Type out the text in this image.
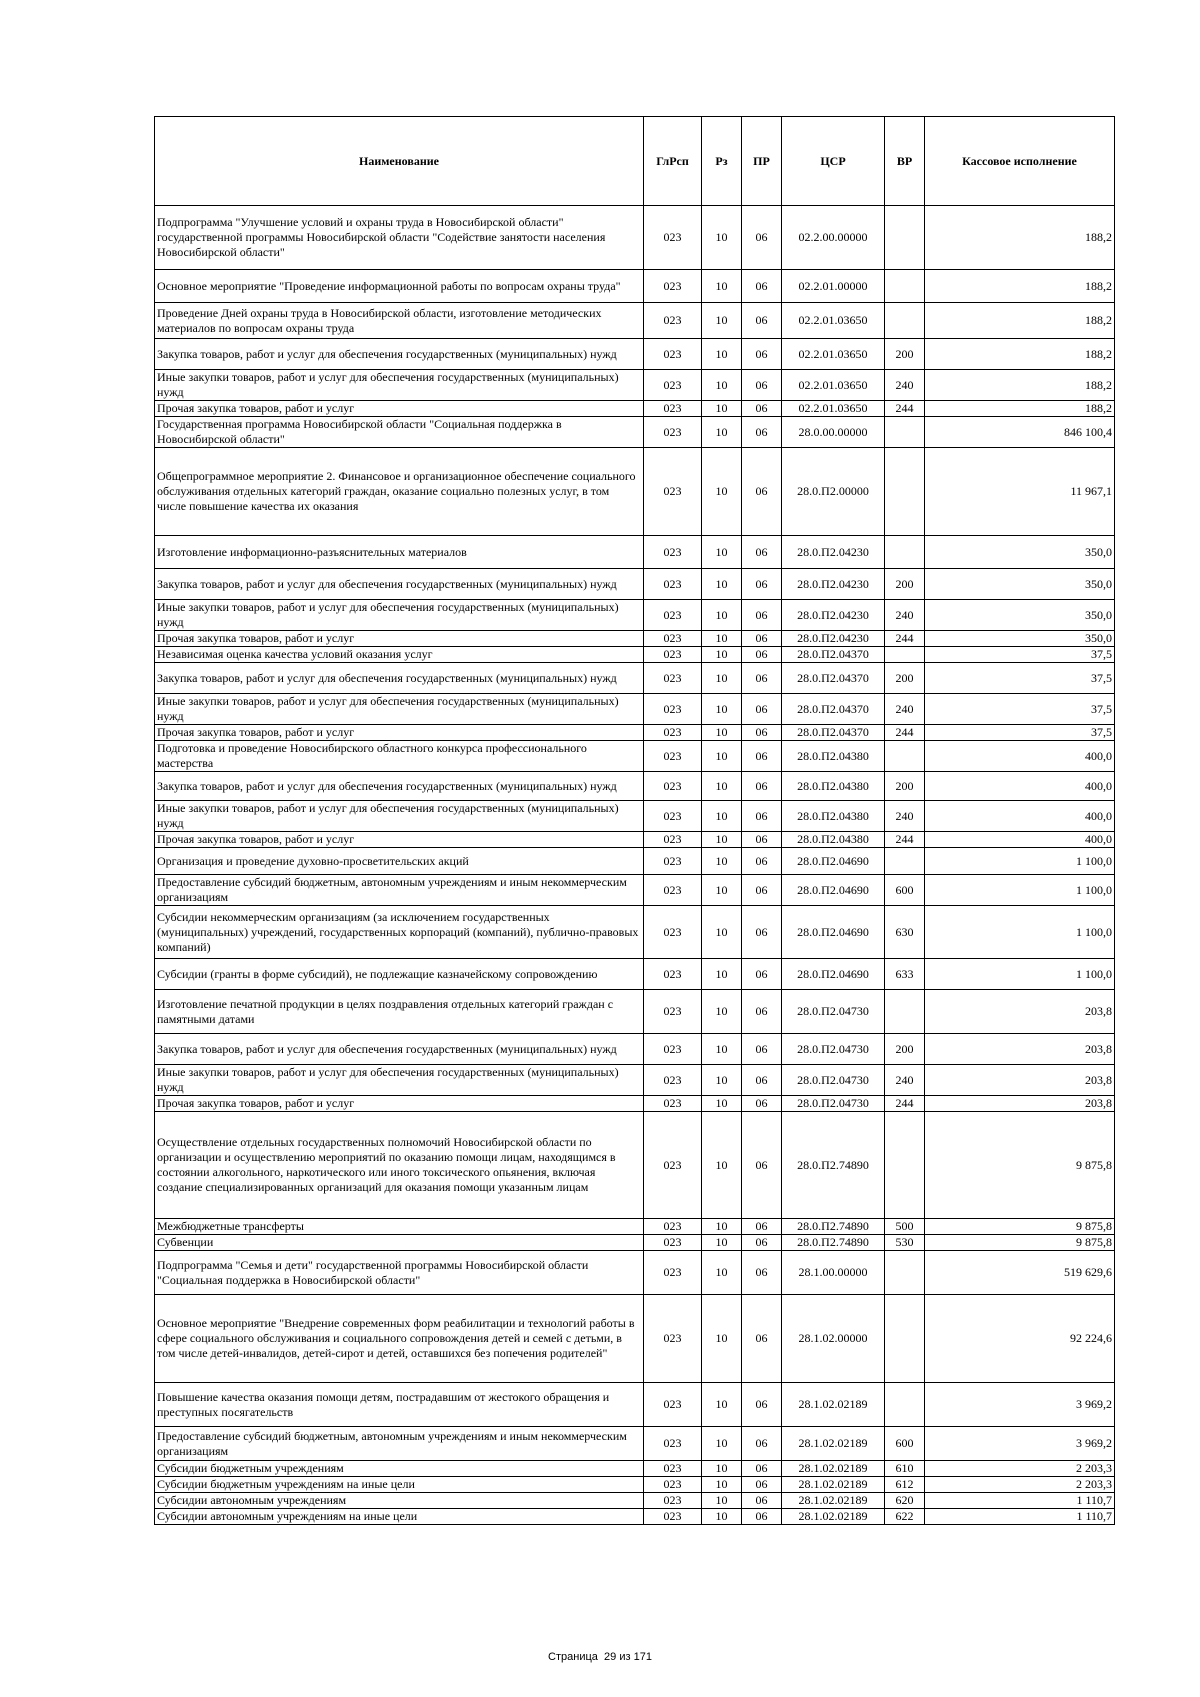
Наименование	ГлРсп	Рз	ПР	ЦСР	ВР	Кассовое исполнение
Подпрограмма "Улучшение условий и охраны труда в Новосибирской области" государственной программы Новосибирской области "Содействие занятости населения Новосибирской области"	023	10	06	02.2.00.00000		188,2
Основное мероприятие "Проведение информационной работы по вопросам охраны труда"	023	10	06	02.2.01.00000		188,2
Проведение Дней охраны труда в Новосибирской области, изготовление методических материалов по вопросам охраны труда	023	10	06	02.2.01.03650		188,2
Закупка товаров, работ и услуг для обеспечения государственных (муниципальных) нужд	023	10	06	02.2.01.03650	200	188,2
Иные закупки товаров, работ и услуг для обеспечения государственных (муниципальных) нужд	023	10	06	02.2.01.03650	240	188,2
Прочая закупка товаров, работ и услуг	023	10	06	02.2.01.03650	244	188,2
Государственная программа Новосибирской области "Социальная поддержка в Новосибирской области"	023	10	06	28.0.00.00000		846 100,4
Общепрограммное мероприятие 2. Финансовое и организационное обеспечение социального обслуживания отдельных категорий граждан, оказание социально полезных услуг, в том числе повышение качества их оказания	023	10	06	28.0.П2.00000		11 967,1
Изготовление информационно-разъяснительных материалов	023	10	06	28.0.П2.04230		350,0
Закупка товаров, работ и услуг для обеспечения государственных (муниципальных) нужд	023	10	06	28.0.П2.04230	200	350,0
Иные закупки товаров, работ и услуг для обеспечения государственных (муниципальных) нужд	023	10	06	28.0.П2.04230	240	350,0
Прочая закупка товаров, работ и услуг	023	10	06	28.0.П2.04230	244	350,0
Независимая оценка качества условий оказания услуг	023	10	06	28.0.П2.04370		37,5
Закупка товаров, работ и услуг для обеспечения государственных (муниципальных) нужд	023	10	06	28.0.П2.04370	200	37,5
Иные закупки товаров, работ и услуг для обеспечения государственных (муниципальных) нужд	023	10	06	28.0.П2.04370	240	37,5
Прочая закупка товаров, работ и услуг	023	10	06	28.0.П2.04370	244	37,5
Подготовка и проведение Новосибирского областного конкурса профессионального мастерства	023	10	06	28.0.П2.04380		400,0
Закупка товаров, работ и услуг для обеспечения государственных (муниципальных) нужд	023	10	06	28.0.П2.04380	200	400,0
Иные закупки товаров, работ и услуг для обеспечения государственных (муниципальных) нужд	023	10	06	28.0.П2.04380	240	400,0
Прочая закупка товаров, работ и услуг	023	10	06	28.0.П2.04380	244	400,0
Организация и проведение духовно-просветительских акций	023	10	06	28.0.П2.04690		1 100,0
Предоставление субсидий бюджетным, автономным учреждениям и иным некоммерческим организациям	023	10	06	28.0.П2.04690	600	1 100,0
Субсидии некоммерческим организациям (за исключением государственных (муниципальных) учреждений, государственных корпораций (компаний), публично-правовых компаний)	023	10	06	28.0.П2.04690	630	1 100,0
Субсидии (гранты в форме субсидий), не подлежащие казначейскому сопровождению	023	10	06	28.0.П2.04690	633	1 100,0
Изготовление печатной продукции в целях поздравления отдельных категорий граждан с памятными датами	023	10	06	28.0.П2.04730		203,8
Закупка товаров, работ и услуг для обеспечения государственных (муниципальных) нужд	023	10	06	28.0.П2.04730	200	203,8
Иные закупки товаров, работ и услуг для обеспечения государственных (муниципальных) нужд	023	10	06	28.0.П2.04730	240	203,8
Прочая закупка товаров, работ и услуг	023	10	06	28.0.П2.04730	244	203,8
Осуществление отдельных государственных полномочий Новосибирской области по организации и осуществлению мероприятий по оказанию помощи лицам, находящимся в состоянии алкогольного, наркотического или иного токсического опьянения, включая создание специализированных организаций для оказания помощи указанным лицам	023	10	06	28.0.П2.74890		9 875,8
Межбюджетные трансферты	023	10	06	28.0.П2.74890	500	9 875,8
Субвенции	023	10	06	28.0.П2.74890	530	9 875,8
Подпрограмма "Семья и дети" государственной программы Новосибирской области "Социальная поддержка в Новосибирской области"	023	10	06	28.1.00.00000		519 629,6
Основное мероприятие "Внедрение современных форм реабилитации и технологий работы в сфере социального обслуживания и социального сопровождения детей и семей с детьми, в том числе детей-инвалидов, детей-сирот и детей, оставшихся без попечения родителей"	023	10	06	28.1.02.00000		92 224,6
Повышение качества оказания помощи детям, пострадавшим от жестокого обращения и преступных посягательств	023	10	06	28.1.02.02189		3 969,2
Предоставление субсидий бюджетным, автономным учреждениям и иным некоммерческим организациям	023	10	06	28.1.02.02189	600	3 969,2
Субсидии бюджетным учреждениям	023	10	06	28.1.02.02189	610	2 203,3
Субсидии бюджетным учреждениям на иные цели	023	10	06	28.1.02.02189	612	2 203,3
Субсидии автономным учреждениям	023	10	06	28.1.02.02189	620	1 110,7
Субсидии автономным учреждениям на иные цели	023	10	06	28.1.02.02189	622	1 110,7
Страница 29 из 171
